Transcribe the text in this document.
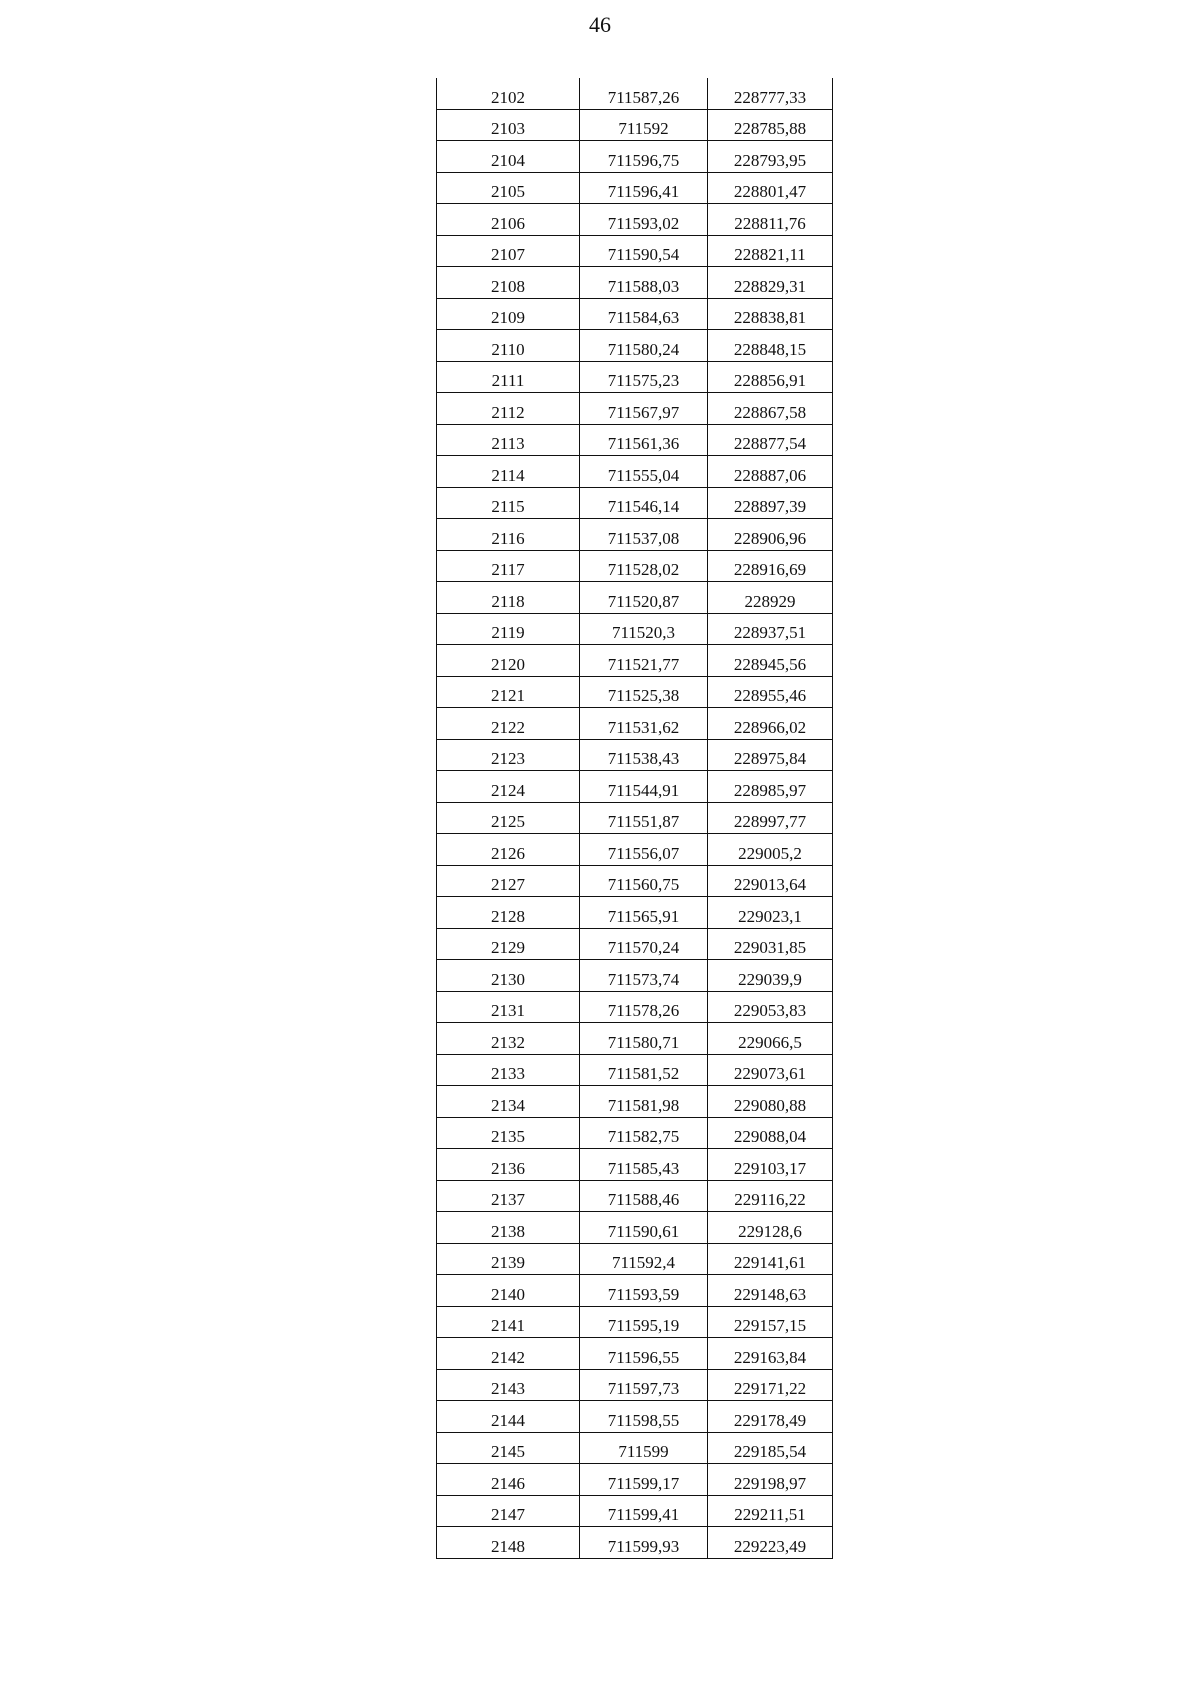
46
2102	711587,26	228777,33
2103	711592	228785,88
2104	711596,75	228793,95
2105	711596,41	228801,47
2106	711593,02	228811,76
2107	711590,54	228821,11
2108	711588,03	228829,31
2109	711584,63	228838,81
2110	711580,24	228848,15
2111	711575,23	228856,91
2112	711567,97	228867,58
2113	711561,36	228877,54
2114	711555,04	228887,06
2115	711546,14	228897,39
2116	711537,08	228906,96
2117	711528,02	228916,69
2118	711520,87	228929
2119	711520,3	228937,51
2120	711521,77	228945,56
2121	711525,38	228955,46
2122	711531,62	228966,02
2123	711538,43	228975,84
2124	711544,91	228985,97
2125	711551,87	228997,77
2126	711556,07	229005,2
2127	711560,75	229013,64
2128	711565,91	229023,1
2129	711570,24	229031,85
2130	711573,74	229039,9
2131	711578,26	229053,83
2132	711580,71	229066,5
2133	711581,52	229073,61
2134	711581,98	229080,88
2135	711582,75	229088,04
2136	711585,43	229103,17
2137	711588,46	229116,22
2138	711590,61	229128,6
2139	711592,4	229141,61
2140	711593,59	229148,63
2141	711595,19	229157,15
2142	711596,55	229163,84
2143	711597,73	229171,22
2144	711598,55	229178,49
2145	711599	229185,54
2146	711599,17	229198,97
2147	711599,41	229211,51
2148	711599,93	229223,49
